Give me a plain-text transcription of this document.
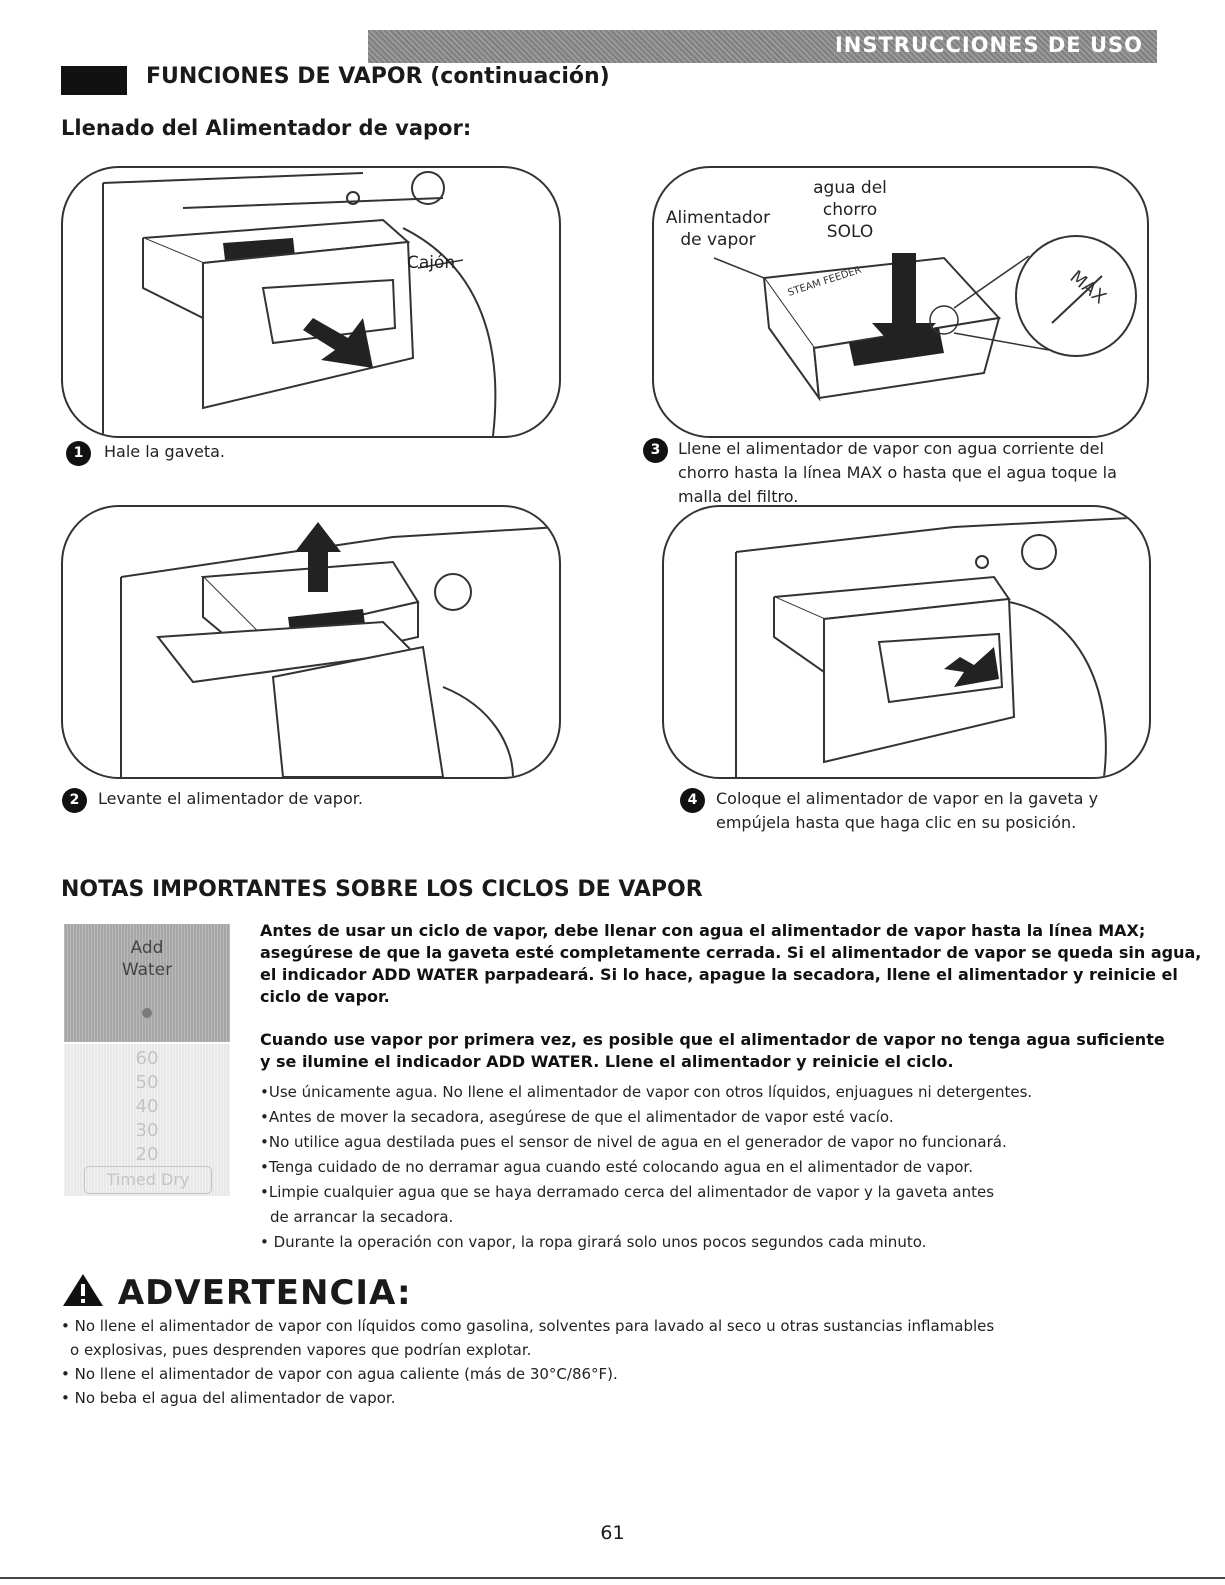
INSTRUCCIONES DE USO
FUNCIONES DE VAPOR (continuación)
Llenado del Alimentador de vapor:
Cajón
STEAM FEEDER	MAX
Alimentador
de vapor
agua del
chorro
SOLO
1	Hale la gaveta.
2	Levante el alimentador de vapor.
3	Llene el alimentador de vapor con agua corriente del
chorro hasta la línea MAX o hasta que el agua toque la
malla del filtro.
4	Coloque el alimentador de vapor en la gaveta y
empújela hasta que haga clic en su posición.
NOTAS IMPORTANTES SOBRE LOS CICLOS DE VAPOR
Add
Water
60
50
40
30
20
Timed Dry
Antes de usar un ciclo de vapor, debe llenar con agua el alimentador de vapor hasta la línea MAX;
asegúrese de que la gaveta esté completamente cerrada. Si el alimentador de vapor se queda sin agua,
el indicador ADD WATER parpadeará. Si lo hace, apague la secadora, llene el alimentador y reinicie el
ciclo de vapor.
Cuando use vapor por primera vez, es posible que el alimentador de vapor no tenga agua suficiente
y se ilumine el indicador ADD WATER. Llene el alimentador y reinicie el ciclo.
•Use únicamente agua. No llene el alimentador de vapor con otros líquidos, enjuagues ni detergentes.
•Antes de mover la secadora, asegúrese de que el alimentador de vapor esté vacío.
•No utilice agua destilada pues el sensor de nivel de agua en el generador de vapor no funcionará.
•Tenga cuidado de no derramar agua cuando esté colocando agua en el alimentador de vapor.
•Limpie cualquier agua que se haya derramado cerca del alimentador de vapor y la gaveta antes
de arrancar la secadora.
• Durante la operación con vapor, la ropa girará solo unos pocos segundos cada minuto.
ADVERTENCIA:
• No llene el alimentador de vapor con líquidos como gasolina, solventes para lavado al seco u otras sustancias inflamables
o explosivas, pues desprenden vapores que podrían explotar.
• No llene el alimentador de vapor con agua caliente (más de 30°C/86°F).
• No beba el agua del alimentador de vapor.
61
